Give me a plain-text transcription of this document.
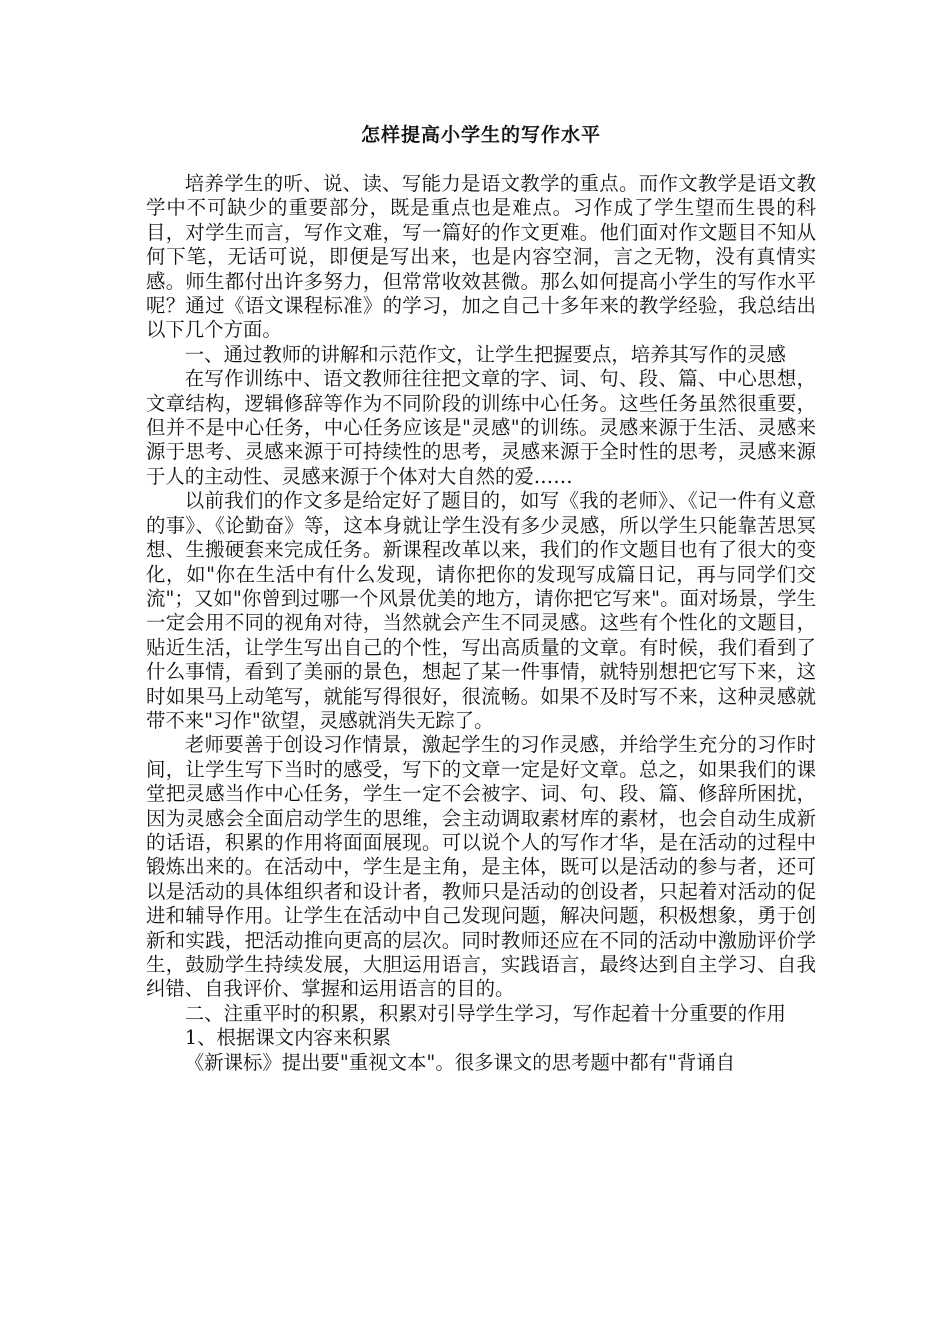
怎样提高小学生的写作水平

培养学生的听、说、读、写能力是语文教学的重点。而作文教学是语文教学中不可缺少的重要部分，既是重点也是难点。习作成了学生望而生畏的科目，对学生而言，写作文难，写一篇好的作文更难。他们面对作文题目不知从何下笔，无话可说，即便是写出来，也是内容空洞，言之无物，没有真情实感。师生都付出许多努力，但常常收效甚微。那么如何提高小学生的写作水平呢？通过《语文课程标准》的学习，加之自己十多年来的教学经验，我总结出以下几个方面。

一、通过教师的讲解和示范作文，让学生把握要点，培养其写作的灵感

在写作训练中、语文教师往往把文章的字、词、句、段、篇、中心思想，文章结构，逻辑修辞等作为不同阶段的训练中心任务。这些任务虽然很重要，但并不是中心任务，中心任务应该是"灵感"的训练。灵感来源于生活、灵感来源于思考、灵感来源于可持续性的思考，灵感来源于全时性的思考，灵感来源于人的主动性、灵感来源于个体对大自然的爱……

以前我们的作文多是给定好了题目的，如写《我的老师》、《记一件有义意的事》、《论勤奋》等，这本身就让学生没有多少灵感，所以学生只能靠苦思冥想、生搬硬套来完成任务。新课程改革以来，我们的作文题目也有了很大的变化，如"你在生活中有什么发现，请你把你的发现写成篇日记，再与同学们交流"；又如"你曾到过哪一个风景优美的地方，请你把它写来"。面对场景，学生一定会用不同的视角对待，当然就会产生不同灵感。这些有个性化的文题目，贴近生活，让学生写出自己的个性，写出高质量的文章。有时候，我们看到了什么事情，看到了美丽的景色，想起了某一件事情，就特别想把它写下来，这时如果马上动笔写，就能写得很好，很流畅。如果不及时写不来，这种灵感就带不来"习作"欲望，灵感就消失无踪了。

老师要善于创设习作情景，激起学生的习作灵感，并给学生充分的习作时间，让学生写下当时的感受，写下的文章一定是好文章。总之，如果我们的课堂把灵感当作中心任务，学生一定不会被字、词、句、段、篇、修辞所困扰，因为灵感会全面启动学生的思维，会主动调取素材库的素材，也会自动生成新的话语，积累的作用将面面展现。可以说个人的写作才华，是在活动的过程中锻炼出来的。在活动中，学生是主角，是主体，既可以是活动的参与者，还可以是活动的具体组织者和设计者，教师只是活动的创设者，只起着对活动的促进和辅导作用。让学生在活动中自己发现问题，解决问题，积极想象，勇于创新和实践，把活动推向更高的层次。同时教师还应在不同的活动中激励评价学生，鼓励学生持续发展，大胆运用语言，实践语言，最终达到自主学习、自我纠错、自我评价、掌握和运用语言的目的。

二、注重平时的积累，积累对引导学生学习，写作起着十分重要的作用

1、根据课文内容来积累

《新课标》提出要"重视文本"。很多课文的思考题中都有"背诵自
